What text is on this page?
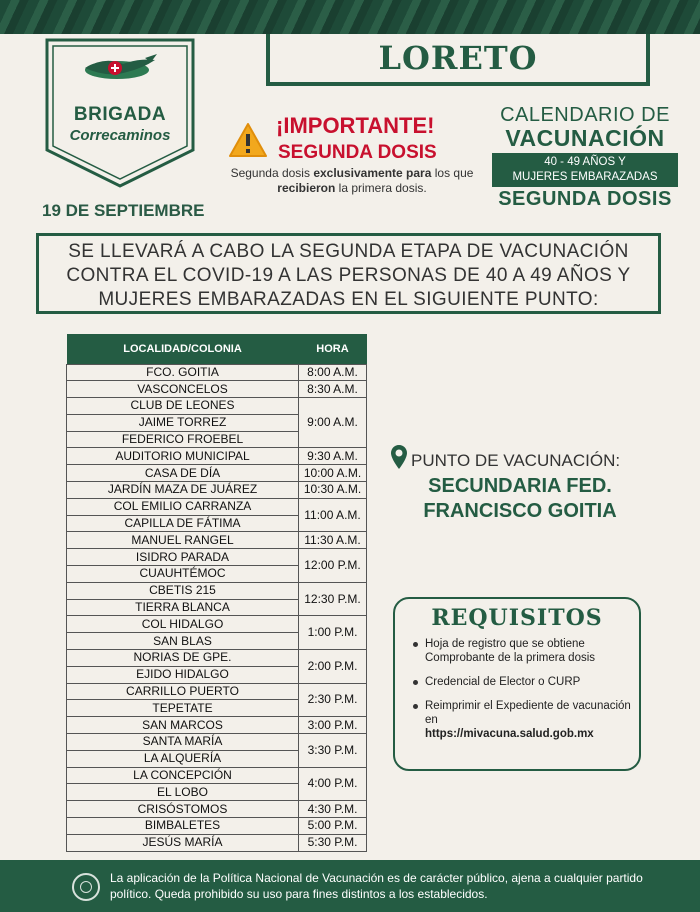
BRIGADA
Correcaminos
19 DE SEPTIEMBRE
LORETO
¡IMPORTANTE!
SEGUNDA DOSIS
Segunda dosis exclusivamente para los que
recibieron la primera dosis.
CALENDARIO DE
VACUNACIÓN
40 - 49 AÑOS Y
MUJERES EMBARAZADAS
SEGUNDA DOSIS
SE LLEVARÁ A CABO LA SEGUNDA ETAPA DE VACUNACIÓN
CONTRA EL COVID-19 A LAS PERSONAS DE 40 A 49 AÑOS Y
MUJERES EMBARAZADAS EN EL SIGUIENTE PUNTO:
LOCALIDAD/COLONIA	HORA
FCO. GOITIA	8:00 A.M.
VASCONCELOS	8:30 A.M.
CLUB DE LEONES	9:00 A.M.
JAIME TORREZ	
FEDERICO FROEBEL	
AUDITORIO MUNICIPAL	9:30 A.M.
CASA DE DÍA	10:00 A.M.
JARDÍN MAZA DE JUÁREZ	10:30 A.M.
COL EMILIO CARRANZA	11:00 A.M.
CAPILLA DE FÁTIMA	
MANUEL RANGEL	11:30 A.M.
ISIDRO PARADA	12:00 P.M.
CUAUHTÉMOC	
CBETIS 215	12:30 P.M.
TIERRA BLANCA	
COL HIDALGO	1:00 P.M.
SAN BLAS	
NORIAS DE GPE.	2:00 P.M.
EJIDO HIDALGO	
CARRILLO PUERTO	2:30 P.M.
TEPETATE	
SAN MARCOS	3:00 P.M.
SANTA MARÍA	3:30 P.M.
LA ALQUERÍA	
LA CONCEPCIÓN	4:00 P.M.
EL LOBO	
CRISÓSTOMOS	4:30 P.M.
BIMBALETES	5:00 P.M.
JESÚS MARÍA	5:30 P.M.
PUNTO DE VACUNACIÓN:
SECUNDARIA FED.
FRANCISCO GOITIA
REQUISITOS
Hoja de registro que se obtiene Comprobante de la primera dosis
Credencial de Elector o CURP
Reimprimir el Expediente de vacunación en
https://mivacuna.salud.gob.mx
La aplicación de la Política Nacional de Vacunación es de carácter público, ajena a cualquier partido político. Queda prohibido su uso para fines distintos a los establecidos.
